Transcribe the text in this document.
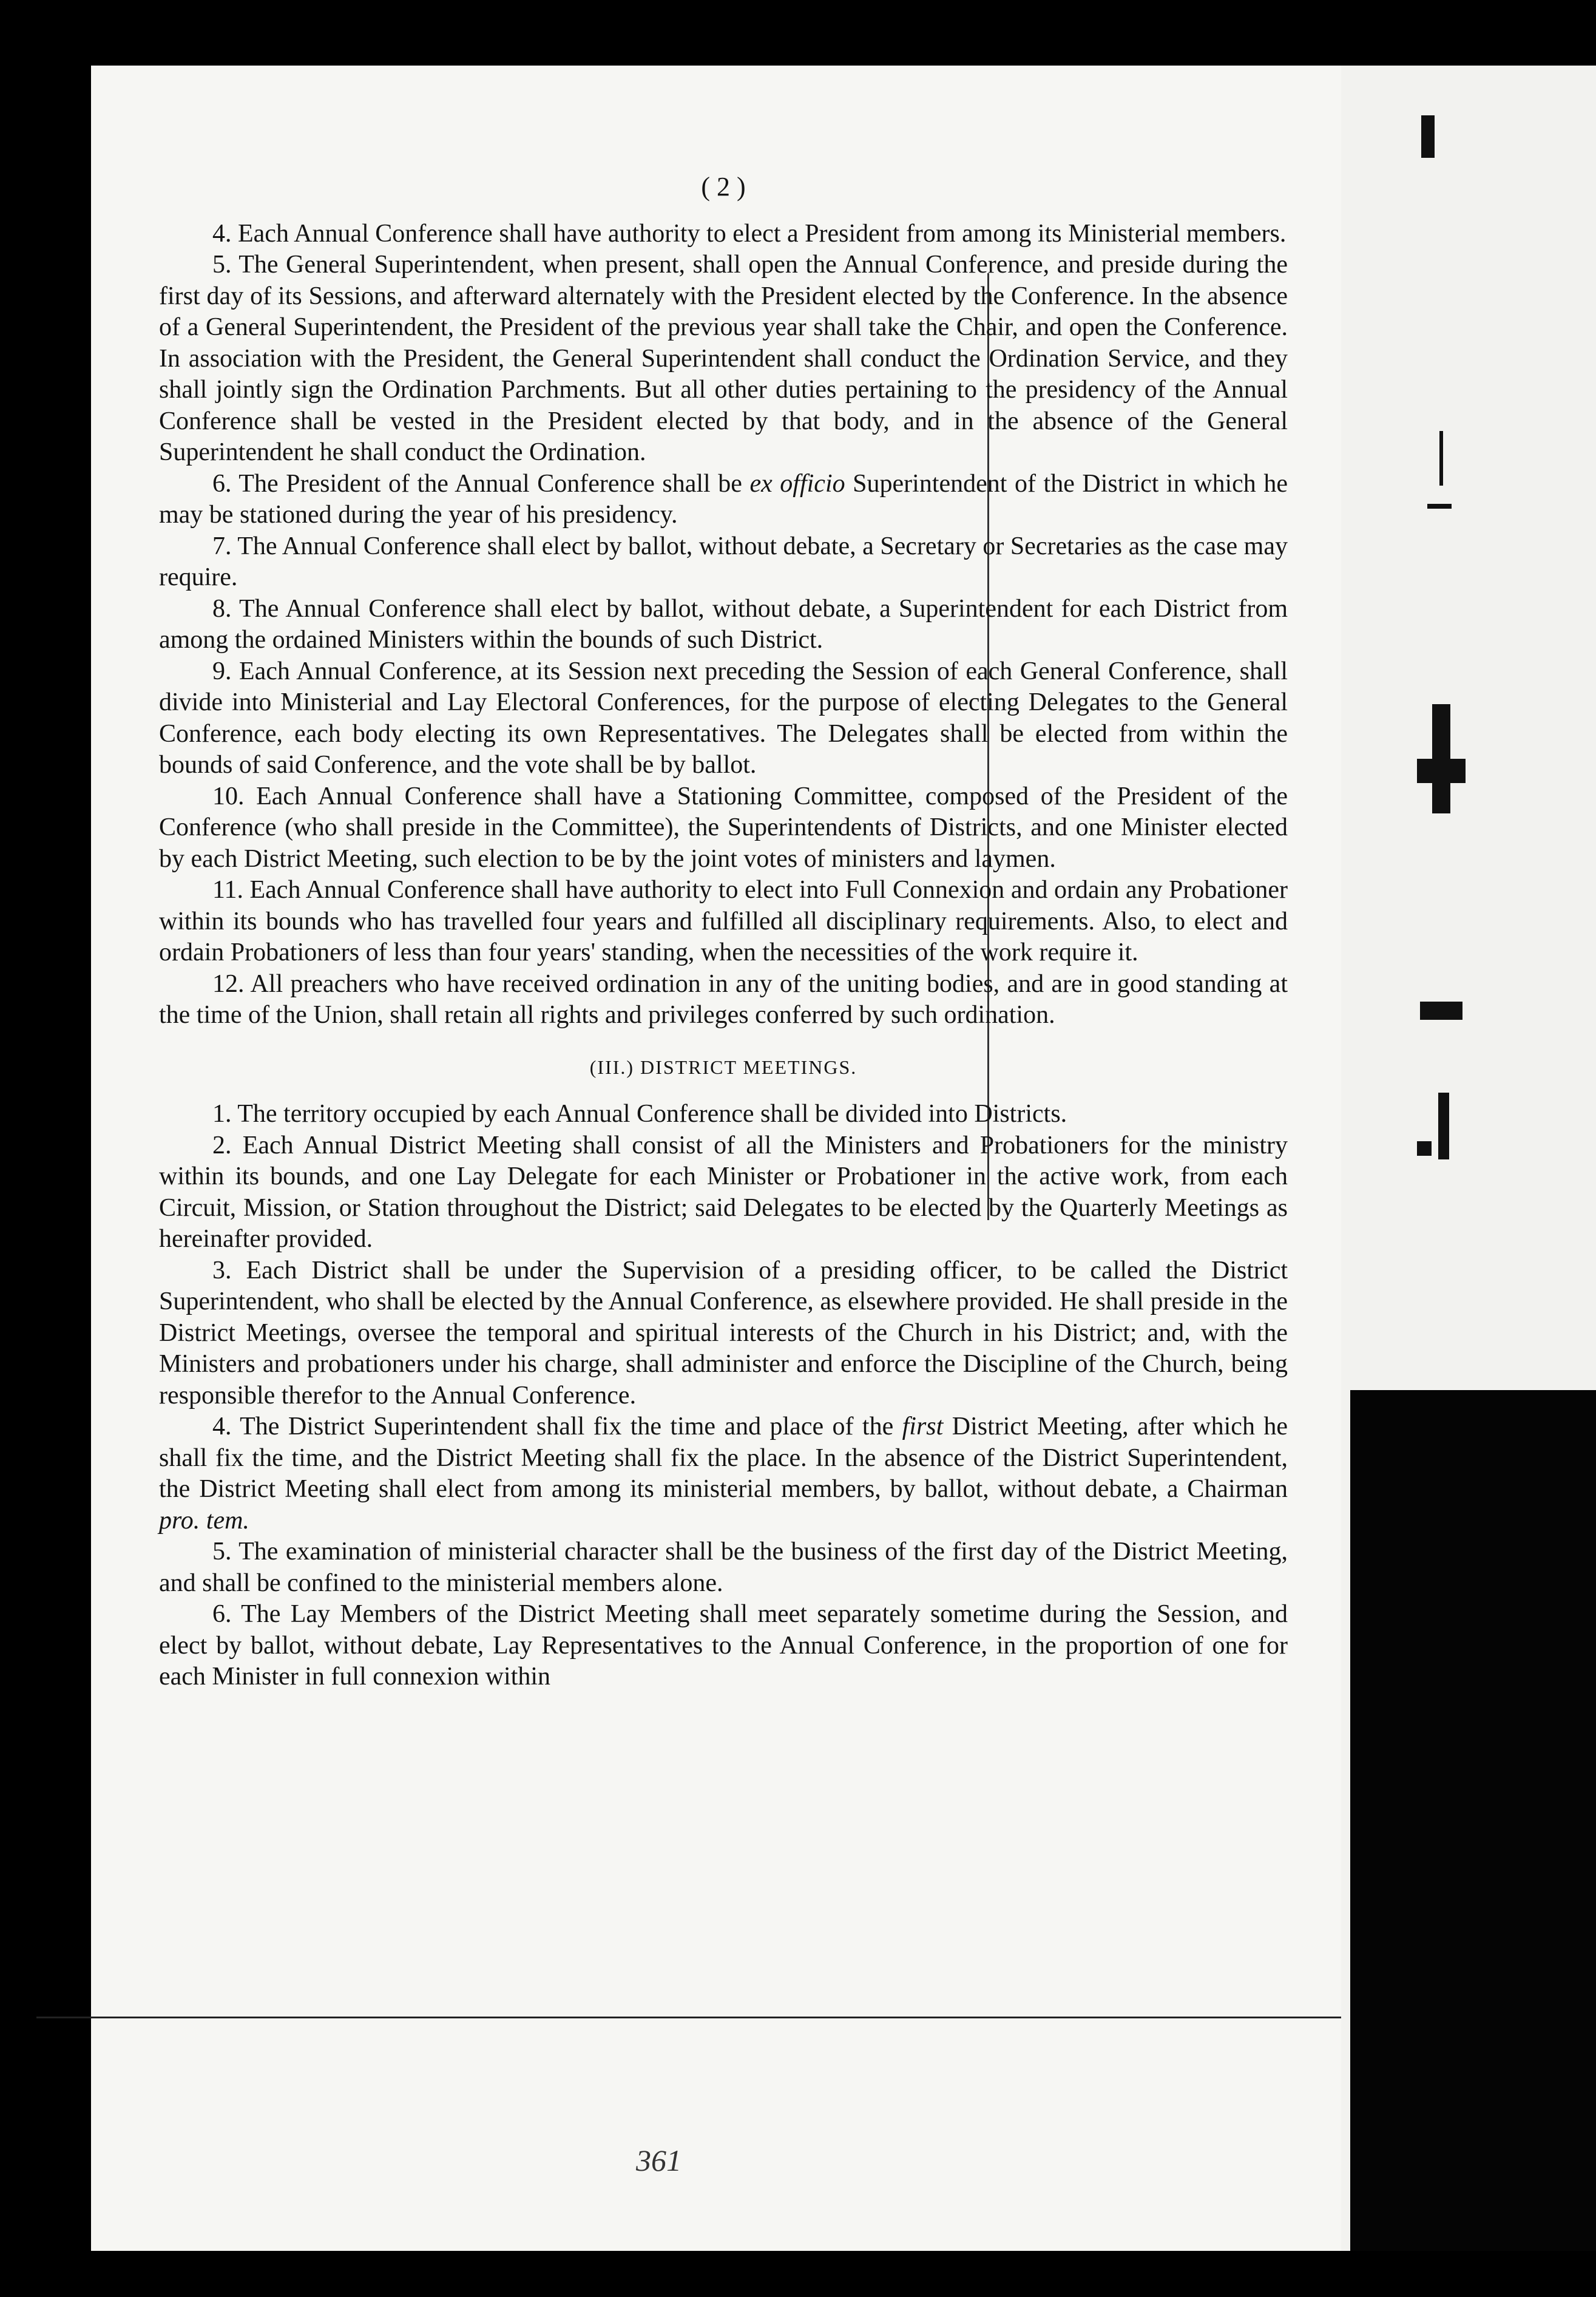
( 2 )

4. Each Annual Conference shall have authority to elect a President from among its Ministerial members.

5. The General Superintendent, when present, shall open the Annual Conference, and preside during the first day of its Sessions, and afterward alternately with the President elected by the Conference. In the absence of a General Superintendent, the President of the previous year shall take the Chair, and open the Conference. In association with the President, the General Superintendent shall conduct the Ordination Service, and they shall jointly sign the Ordination Parchments. But all other duties pertaining to the presidency of the Annual Conference shall be vested in the President elected by that body, and in the absence of the General Superintendent he shall conduct the Ordination.

6. The President of the Annual Conference shall be ex officio Superintendent of the District in which he may be stationed during the year of his presidency.

7. The Annual Conference shall elect by ballot, without debate, a Secretary or Secretaries as the case may require.

8. The Annual Conference shall elect by ballot, without debate, a Superintendent for each District from among the ordained Ministers within the bounds of such District.

9. Each Annual Conference, at its Session next preceding the Session of each General Conference, shall divide into Ministerial and Lay Electoral Conferences, for the purpose of electing Delegates to the General Conference, each body electing its own Representatives. The Delegates shall be elected from within the bounds of said Conference, and the vote shall be by ballot.

10. Each Annual Conference shall have a Stationing Committee, composed of the President of the Conference (who shall preside in the Committee), the Superintendents of Districts, and one Minister elected by each District Meeting, such election to be by the joint votes of ministers and laymen.

11. Each Annual Conference shall have authority to elect into Full Connexion and ordain any Probationer within its bounds who has travelled four years and fulfilled all disciplinary requirements. Also, to elect and ordain Probationers of less than four years' standing, when the necessities of the work require it.

12. All preachers who have received ordination in any of the uniting bodies, and are in good standing at the time of the Union, shall retain all rights and privileges conferred by such ordination.

(III.) DISTRICT MEETINGS.

1. The territory occupied by each Annual Conference shall be divided into Districts.

2. Each Annual District Meeting shall consist of all the Ministers and Probationers for the ministry within its bounds, and one Lay Delegate for each Minister or Probationer in the active work, from each Circuit, Mission, or Station throughout the District; said Delegates to be elected by the Quarterly Meetings as hereinafter provided.

3. Each District shall be under the Supervision of a presiding officer, to be called the District Superintendent, who shall be elected by the Annual Conference, as elsewhere provided. He shall preside in the District Meetings, oversee the temporal and spiritual interests of the Church in his District; and, with the Ministers and probationers under his charge, shall administer and enforce the Discipline of the Church, being responsible therefor to the Annual Conference.

4. The District Superintendent shall fix the time and place of the first District Meeting, after which he shall fix the time, and the District Meeting shall fix the place. In the absence of the District Superintendent, the District Meeting shall elect from among its ministerial members, by ballot, without debate, a Chairman pro. tem.

5. The examination of ministerial character shall be the business of the first day of the District Meeting, and shall be confined to the ministerial members alone.

6. The Lay Members of the District Meeting shall meet separately sometime during the Session, and elect by ballot, without debate, Lay Representatives to the Annual Conference, in the proportion of one for each Minister in full connexion within

361
